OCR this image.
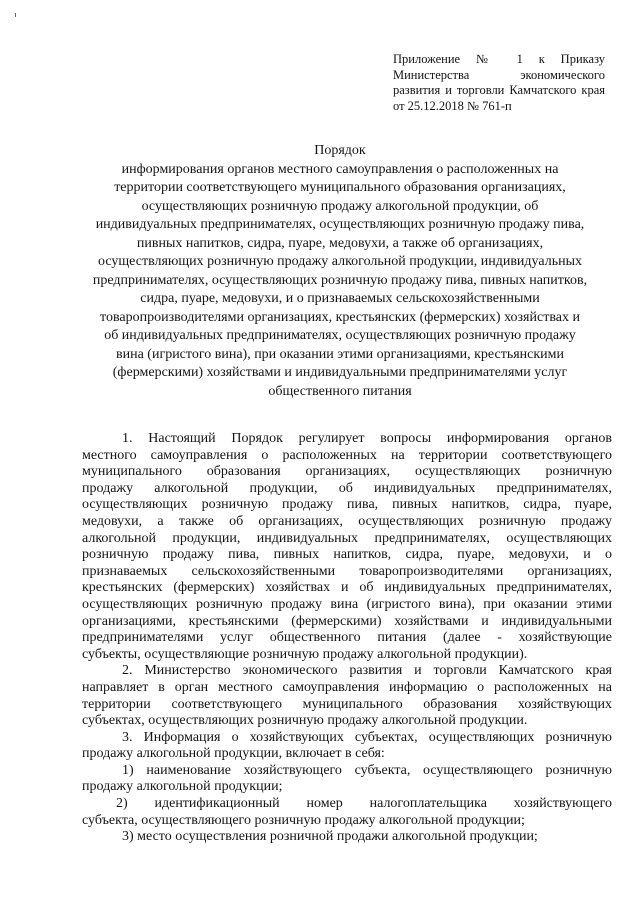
Приложение № 1 к Приказу
Министерства экономического
развития и торговли Камчатского края
от 25.12.2018 № 761-п
Порядок
информирования органов местного самоуправления о расположенных на
территории соответствующего муниципального образования организациях,
осуществляющих розничную продажу алкогольной продукции, об
индивидуальных предпринимателях, осуществляющих розничную продажу пива,
пивных напитков, сидра, пуаре, медовухи, а также об организациях,
осуществляющих розничную продажу алкогольной продукции, индивидуальных
предпринимателях, осуществляющих розничную продажу пива, пивных напитков,
сидра, пуаре, медовухи, и о признаваемых сельскохозяйственными
товаропроизводителями организациях, крестьянских (фермерских) хозяйствах и
об индивидуальных предпринимателях, осуществляющих розничную продажу
вина (игристого вина), при оказании этими организациями, крестьянскими
(фермерскими) хозяйствами и индивидуальными предпринимателями услуг
общественного питания
1. Настоящий Порядок регулирует вопросы информирования органов
местного самоуправления о расположенных на территории соответствующего
муниципального образования организациях, осуществляющих розничную
продажу алкогольной продукции, об индивидуальных предпринимателях,
осуществляющих розничную продажу пива, пивных напитков, сидра, пуаре,
медовухи, а также об организациях, осуществляющих розничную продажу
алкогольной продукции, индивидуальных предпринимателях, осуществляющих
розничную продажу пива, пивных напитков, сидра, пуаре, медовухи, и о
признаваемых сельскохозяйственными товаропроизводителями организациях,
крестьянских (фермерских) хозяйствах и об индивидуальных предпринимателях,
осуществляющих розничную продажу вина (игристого вина), при оказании этими
организациями, крестьянскими (фермерскими) хозяйствами и индивидуальными
предпринимателями услуг общественного питания (далее - хозяйствующие
субъекты, осуществляющие розничную продажу алкогольной продукции).
2. Министерство экономического развития и торговли Камчатского края
направляет в орган местного самоуправления информацию о расположенных на
территории соответствующего муниципального образования хозяйствующих
субъектах, осуществляющих розничную продажу алкогольной продукции.
3. Информация о хозяйствующих субъектах, осуществляющих розничную
продажу алкогольной продукции, включает в себя:
1) наименование хозяйствующего субъекта, осуществляющего розничную
продажу алкогольной продукции;
2) идентификационный номер налогоплательщика хозяйствующего
субъекта, осуществляющего розничную продажу алкогольной продукции;
3) место осуществления розничной продажи алкогольной продукции;
